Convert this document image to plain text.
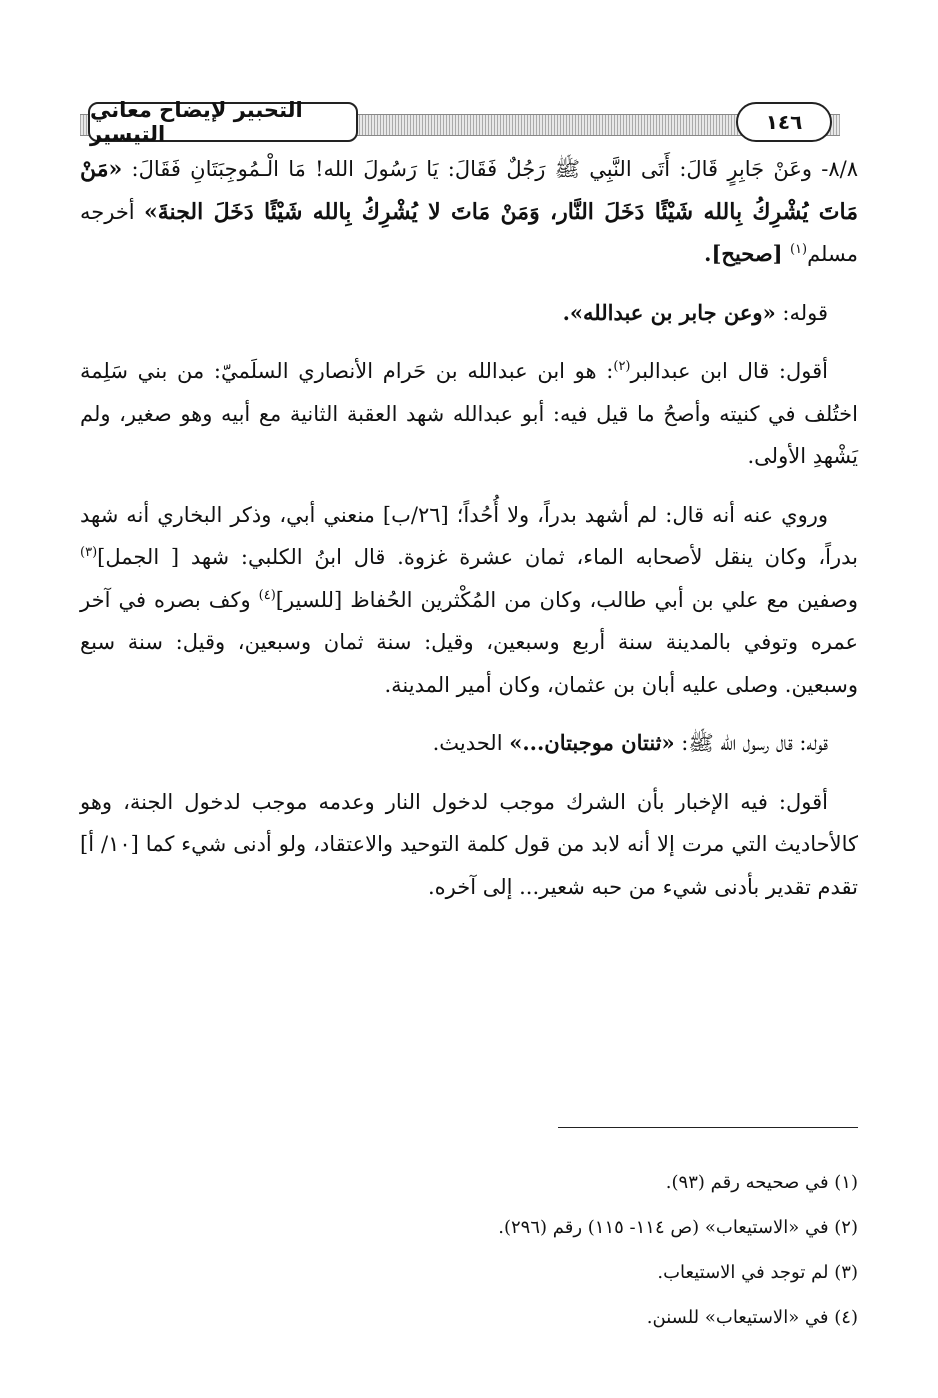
التحبير لإيضاح معاني التيسير	١٤٦

٨/٨- وعَنْ جَابِرٍ قَالَ: أَتَى النَّبِي ﷺ رَجُلٌ فَقَالَ: يَا رَسُولَ الله! مَا الْـمُوجِبَتَانِ فَقَالَ: «مَنْ مَاتَ يُشْرِكُ بِالله شَيْئًا دَخَلَ النَّار، وَمَنْ مَاتَ لا يُشْرِكُ بِالله شَيْئًا دَخَلَ الجنةَ» أخرجه مسلم$^{(١)}$ [صحيح].

قوله: «وعن جابر بن عبدالله».

أقول: قال ابن عبدالبر$^{(٢)}$: هو ابن عبدالله بن حَرام الأنصاري السلَميّ: من بني سَلِمة اختُلف في كنيته وأصحُ ما قيل فيه: أبو عبدالله شهد العقبة الثانية مع أبيه وهو صغير، ولم يَشْهدِ الأولى.

وروي عنه أنه قال: لم أشهد بدراً، ولا أُحُداً؛ [٢٦/ب] منعني أبي، وذكر البخاري أنه شهد بدراً، وكان ينقل لأصحابه الماء، ثمان عشرة غزوة. قال ابنُ الكلبي: شهد [ الجمل]$^{(٣)}$ وصفين مع علي بن أبي طالب، وكان من المُكْثرين الحُفاظ [للسير]$^{(٤)}$ وكف بصره في آخر عمره وتوفي بالمدينة سنة أربع وسبعين، وقيل: سنة ثمان وسبعين، وقيل: سنة سبع وسبعين. وصلى عليه أبان بن عثمان، وكان أمير المدينة.

قوله: قال رسول الله ﷺ: «ثنتان موجبتان...» الحديث.

أقول: فيه الإخبار بأن الشرك موجب لدخول النار وعدمه موجب لدخول الجنة، وهو كالأحاديث التي مرت إلا أنه لابد من قول كلمة التوحيد والاعتقاد، ولو أدنى شيء كما [١٠/ أ] تقدم تقدير بأدنى شيء من حبه شعير... إلى آخره.

(١) في صحيحه رقم (٩٣).
(٢) في «الاستيعاب» (ص ١١٤- ١١٥) رقم (٢٩٦).
(٣) لم توجد في الاستيعاب.
(٤) في «الاستيعاب» للسنن.
